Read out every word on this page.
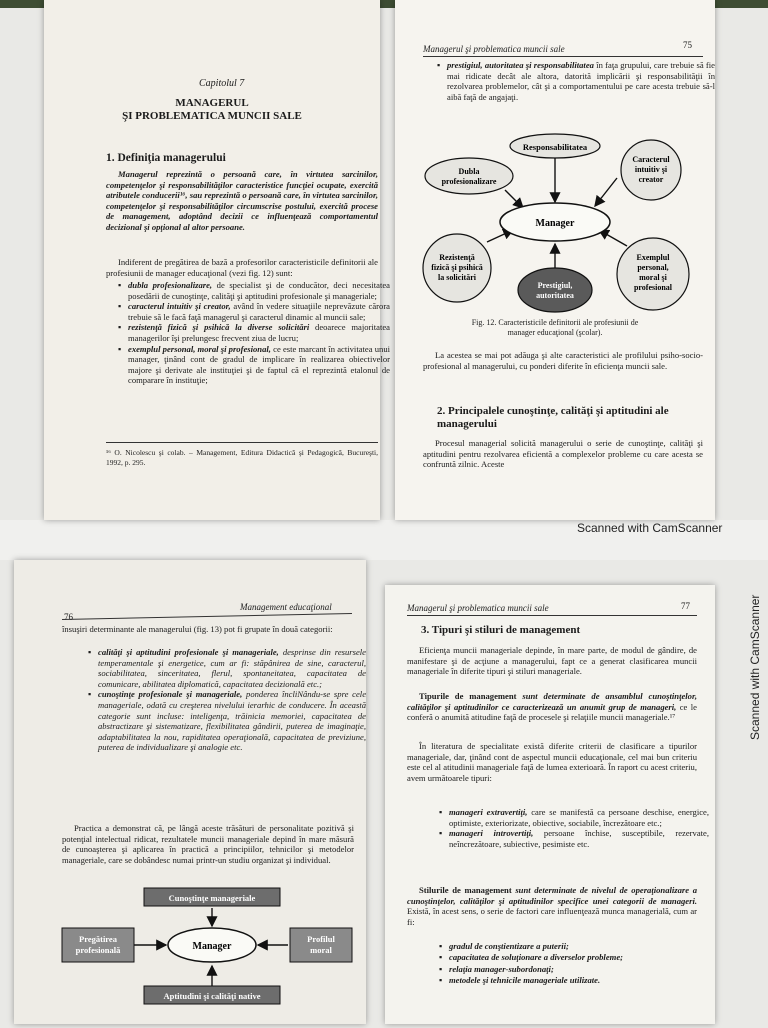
Capitolul 7
MANAGERUL
ŞI PROBLEMATICA MUNCII SALE
1. Definiţia managerului
Managerul reprezintă o persoană care, în virtutea sarcinilor, competenţelor şi responsabilităţilor caracteristice funcţiei ocupate, exercită atributele conducerii¹⁶, sau reprezintă o persoană care, în virtutea sarcinilor, competenţelor şi responsabilităţilor circumscrise postului, exercită procese de management, adoptând decizii ce influenţează comportamentul decizional şi opţional al altor persoane.
Indiferent de pregătirea de bază a profesorilor caracteristicile definitorii ale profesiunii de manager educaţional (vezi fig. 12) sunt:
▪ dubla profesionalizare, de specialist şi de conducător, deci necesitatea posedării de cunoştinţe, calităţi şi aptitudini profesionale şi manageriale;
▪ caracterul intuitiv şi creator, având în vedere situaţiile neprevăzute cărora trebuie să le facă faţă managerul şi caracterul dinamic al muncii sale;
▪ rezistenţă fizică şi psihică la diverse solicitări deoarece majoritatea managerilor îşi prelungesc frecvent ziua de lucru;
▪ exemplul personal, moral şi profesional, ce este marcant în activitatea unui manager, ţinând cont de gradul de implicare în realizarea obiectivelor majore şi derivate ale instituţiei şi de faptul că el reprezintă etalonul de comparare în instituţie;
¹⁶ O. Nicolescu şi colab. – Management, Editura Didactică şi Pedagogică, Bucureşti, 1992, p. 295.
Managerul şi problematica muncii sale	75
▪ prestigiul, autoritatea şi responsabilitatea în faţa grupului, care trebuie să fie mai ridicate decât ale altora, datorită implicării şi responsabilităţii în rezolvarea problemelor, cât şi a comportamentului pe care acesta trebuie să-l aibă faţă de angajaţi.
Manager
Responsabilitatea
Dubla
profesionalizare
Caracterul
intuitiv şi
creator
Rezistenţă
fizică şi psihică
la solicitări
Prestigiul,
autoritatea
Exemplul
personal,
moral şi
profesional
Fig. 12. Caracteristicile definitorii ale profesiunii de
manager educaţional (şcolar).
La acestea se mai pot adăuga şi alte caracteristici ale profilului psiho-socio-profesional al managerului, cu ponderi diferite în eficienţa muncii sale.
2. Principalele cunoştinţe, calităţi şi aptitudini ale managerului
Procesul managerial solicită managerului o serie de cunoştinţe, calităţi şi aptitudini pentru rezolvarea eficientă a complexelor probleme cu care acesta se confruntă zilnic. Aceste
Scanned with CamScanner
Scanned with CamScanner
76
Management educaţional
însuşiri determinante ale managerului (fig. 13) pot fi grupate în două categorii:
▪ calităţi şi aptitudini profesionale şi manageriale, desprinse din resursele temperamentale şi energetice, cum ar fi: stăpânirea de sine, caracterul, sociabilitatea, sinceritatea, flerul, spontaneitatea, capacitatea de comunicare, abilitatea diplomatică, capacitatea decizională etc.;
▪ cunoştinţe profesionale şi manageriale, ponderea încliNându-se spre cele manageriale, odată cu creşterea nivelului ierarhic de conducere. În această categorie sunt incluse: inteligenţa, trăinicia memoriei, capacitatea de abstractizare şi sistematizare, flexibilitatea gândirii, puterea de imaginaţie, adaptabilitatea la nou, rapiditatea operaţională, capacitatea de previziune, puterea de individualizare şi analogie etc.
Practica a demonstrat că, pe lângă aceste trăsături de personalitate pozitivă şi potenţial intelectual ridicat, rezultatele muncii manageriale depind în mare măsură de cunoaşterea şi aplicarea în practică a principiilor, tehnicilor şi metodelor manageriale, care se dobândesc numai printr-un studiu organizat şi individual.
Cunoştinţe manageriale
Manager
Pregătirea
profesională
Profilul
moral
Aptitudini şi calităţi native
Managerul şi problematica muncii sale	77
3. Tipuri şi stiluri de management
Eficienţa muncii manageriale depinde, în mare parte, de modul de gândire, de manifestare şi de acţiune a managerului, fapt ce a generat clasificarea muncii manageriale în diferite tipuri şi stiluri manageriale.
Tipurile de management sunt determinate de ansamblul cunoştinţelor, calităţilor şi aptitudinilor ce caracterizează un anumit grup de manageri, ce le conferă o anumită atitudine faţă de procesele şi relaţiile muncii manageriale.¹⁷
În literatura de specialitate există diferite criterii de clasificare a tipurilor manageriale, dar, ţinând cont de aspectul muncii educaţionale, cel mai bun criteriu este cel al atitudinii manageriale faţă de lumea exterioară. În raport cu acest criteriu, avem următoarele tipuri:
▪ manageri extravertiţi, care se manifestă ca persoane deschise, energice, optimiste, exteriorizate, obiective, sociabile, încrezătoare etc.;
▪ manageri introvertiţi, persoane închise, susceptibile, rezervate, neîncrezătoare, subiective, pesimiste etc.
Stilurile de management sunt determinate de nivelul de operaţionalizare a cunoştinţelor, calităţilor şi aptitudinilor specifice unei categorii de manageri. Există, în acest sens, o serie de factori care influenţează munca managerială, cum ar fi:
▪ gradul de conştientizare a puterii;
▪ capacitatea de soluţionare a diverselor probleme;
▪ relaţia manager-subordonaţi;
▪ metodele şi tehnicile manageriale utilizate.
